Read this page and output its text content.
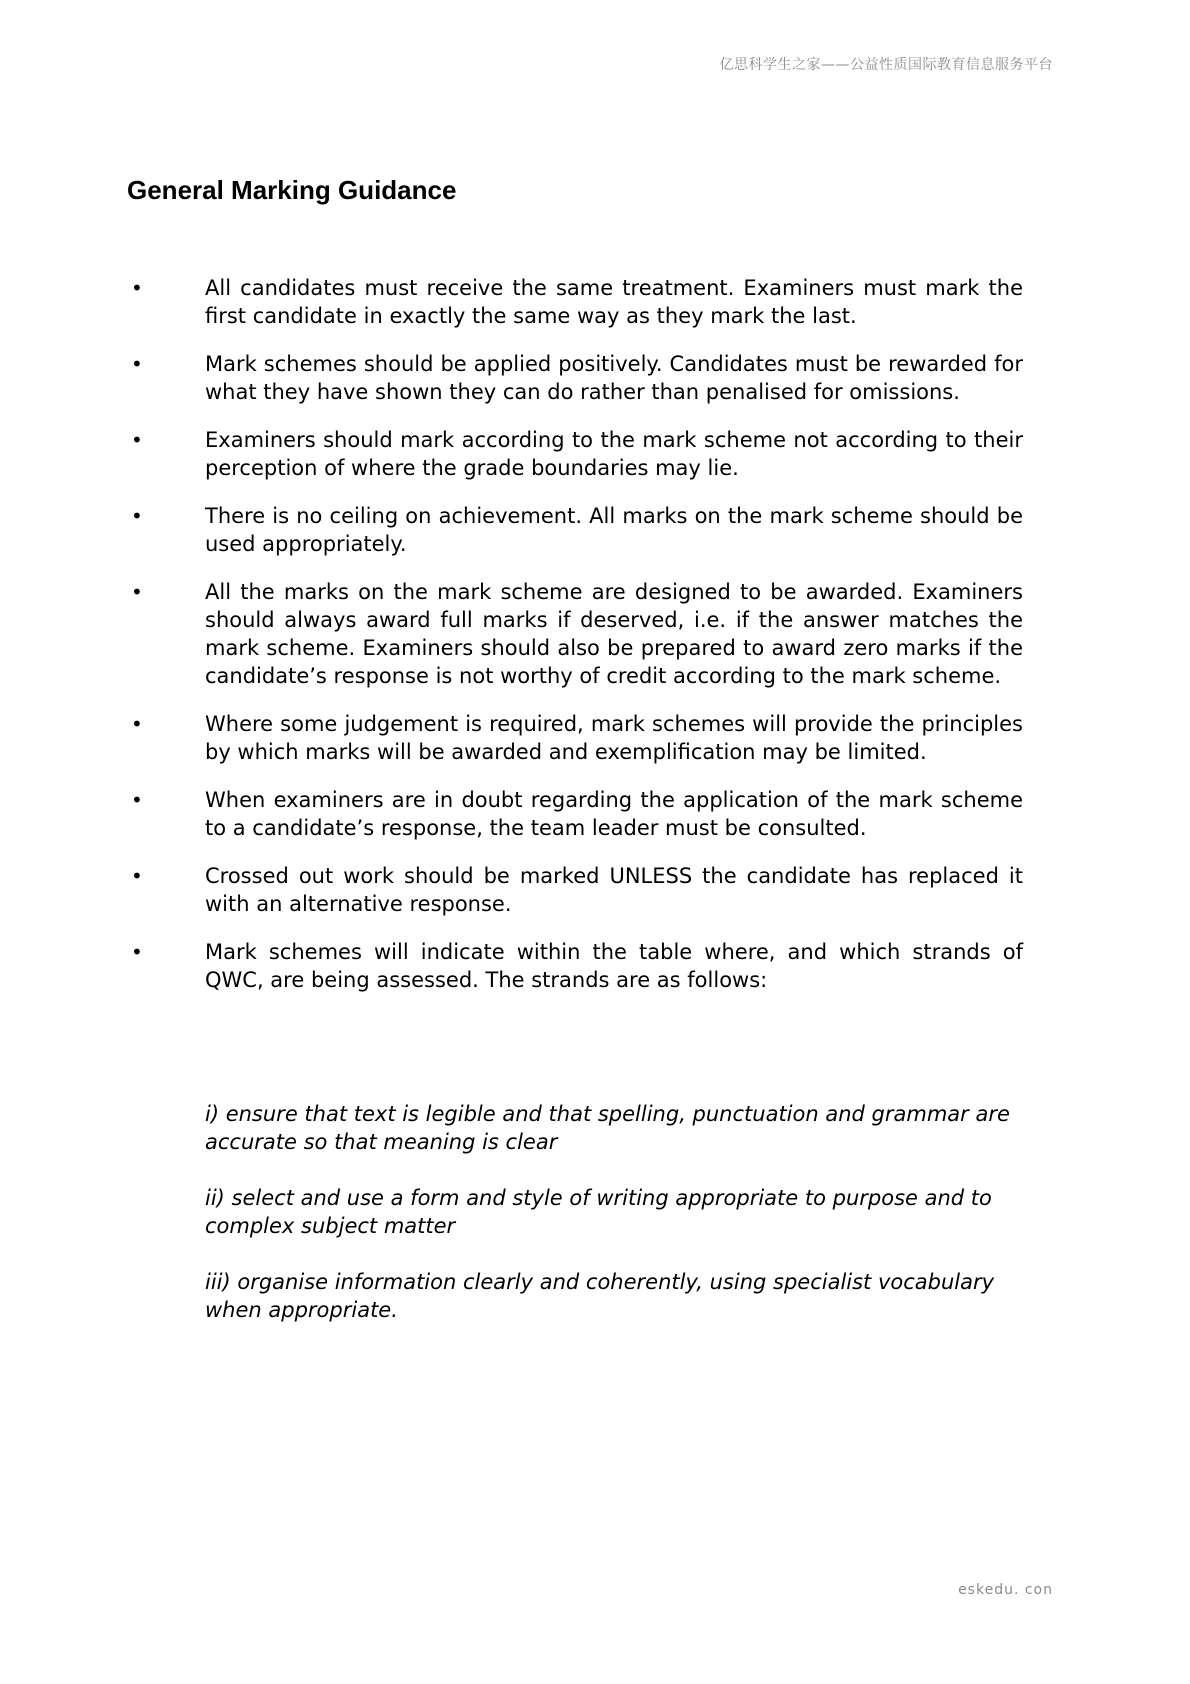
亿思科学生之家——公益性质国际教育信息服务平台
General Marking Guidance
•	All candidates must receive the same treatment. Examiners must mark the first candidate in exactly the same way as they mark the last.
•	Mark schemes should be applied positively. Candidates must be rewarded for what they have shown they can do rather than penalised for omissions.
•	Examiners should mark according to the mark scheme not according to their perception of where the grade boundaries may lie.
•	There is no ceiling on achievement. All marks on the mark scheme should be used appropriately.
•	All the marks on the mark scheme are designed to be awarded. Examiners should always award full marks if deserved, i.e. if the answer matches the mark scheme. Examiners should also be prepared to award zero marks if the candidate’s response is not worthy of credit according to the mark scheme.
•	Where some judgement is required, mark schemes will provide the principles by which marks will be awarded and exemplification may be limited.
•	When examiners are in doubt regarding the application of the mark scheme to a candidate’s response, the team leader must be consulted.
•	Crossed out work should be marked UNLESS the candidate has replaced it with an alternative response.
•	Mark schemes will indicate within the table where, and which strands of QWC, are being assessed. The strands are as follows:
i) ensure that text is legible and that spelling, punctuation and grammar are accurate so that meaning is clear
ii) select and use a form and style of writing appropriate to purpose and to complex subject matter
iii) organise information clearly and coherently, using specialist vocabulary when appropriate.
eskedu. con
